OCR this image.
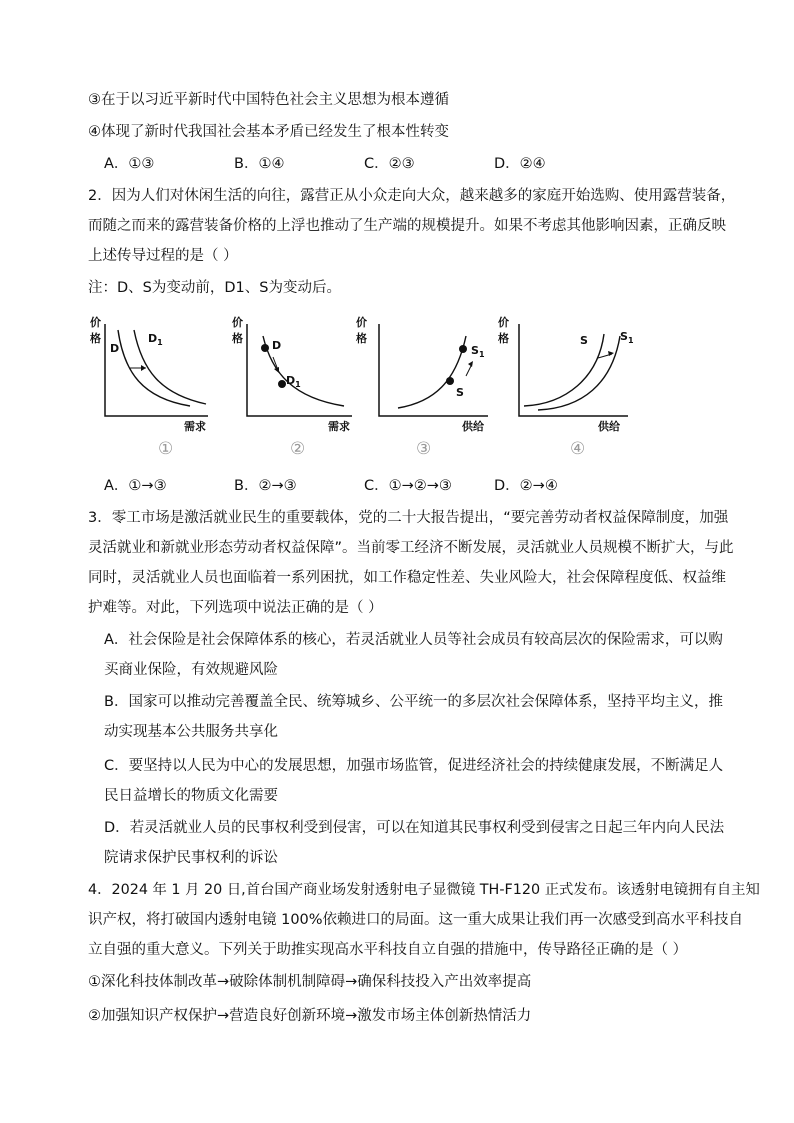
③在于以习近平新时代中国特色社会主义思想为根本遵循
④体现了新时代我国社会基本矛盾已经发生了根本性转变
A．①③	B．①④	C．②③	D．②④
2．因为人们对休闲生活的向往，露营正从小众走向大众，越来越多的家庭开始选购、使用露营装备，
而随之而来的露营装备价格的上浮也推动了生产端的规模提升。如果不考虑其他影响因素，正确反映
上述传导过程的是（ ）
注：D、S为变动前，D1、S为变动后。
价
格
D
$D_1$
需求
①
价
格
D
$D_1$
需求
②
价
格
S
$S_1$
供给
③
价
格	S	$S_1$
供给
④
A．①→③	B．②→③	C．①→②→③	D．②→④
3．零工市场是激活就业民生的重要载体，党的二十大报告提出，“要完善劳动者权益保障制度，加强
灵活就业和新就业形态劳动者权益保障”。当前零工经济不断发展，灵活就业人员规模不断扩大，与此
同时，灵活就业人员也面临着一系列困扰，如工作稳定性差、失业风险大，社会保障程度低、权益维
护难等。对此，下列选项中说法正确的是（ ）
A．社会保险是社会保障体系的核心，若灵活就业人员等社会成员有较高层次的保险需求，可以购
买商业保险，有效规避风险
B．国家可以推动完善覆盖全民、统筹城乡、公平统一的多层次社会保障体系，坚持平均主义，推
动实现基本公共服务共享化
C．要坚持以人民为中心的发展思想，加强市场监管，促进经济社会的持续健康发展，不断满足人
民日益增长的物质文化需要
D．若灵活就业人员的民事权利受到侵害，可以在知道其民事权利受到侵害之日起三年内向人民法
院请求保护民事权利的诉讼
4．2024 年 1 月 20 日,首台国产商业场发射透射电子显微镜 TH-F120 正式发布。该透射电镜拥有自主知
识产权，将打破国内透射电镜 100%依赖进口的局面。这一重大成果让我们再一次感受到高水平科技自
立自强的重大意义。下列关于助推实现高水平科技自立自强的措施中，传导路径正确的是（ ）
①深化科技体制改革→破除体制机制障碍→确保科技投入产出效率提高
②加强知识产权保护→营造良好创新环境→激发市场主体创新热情活力
